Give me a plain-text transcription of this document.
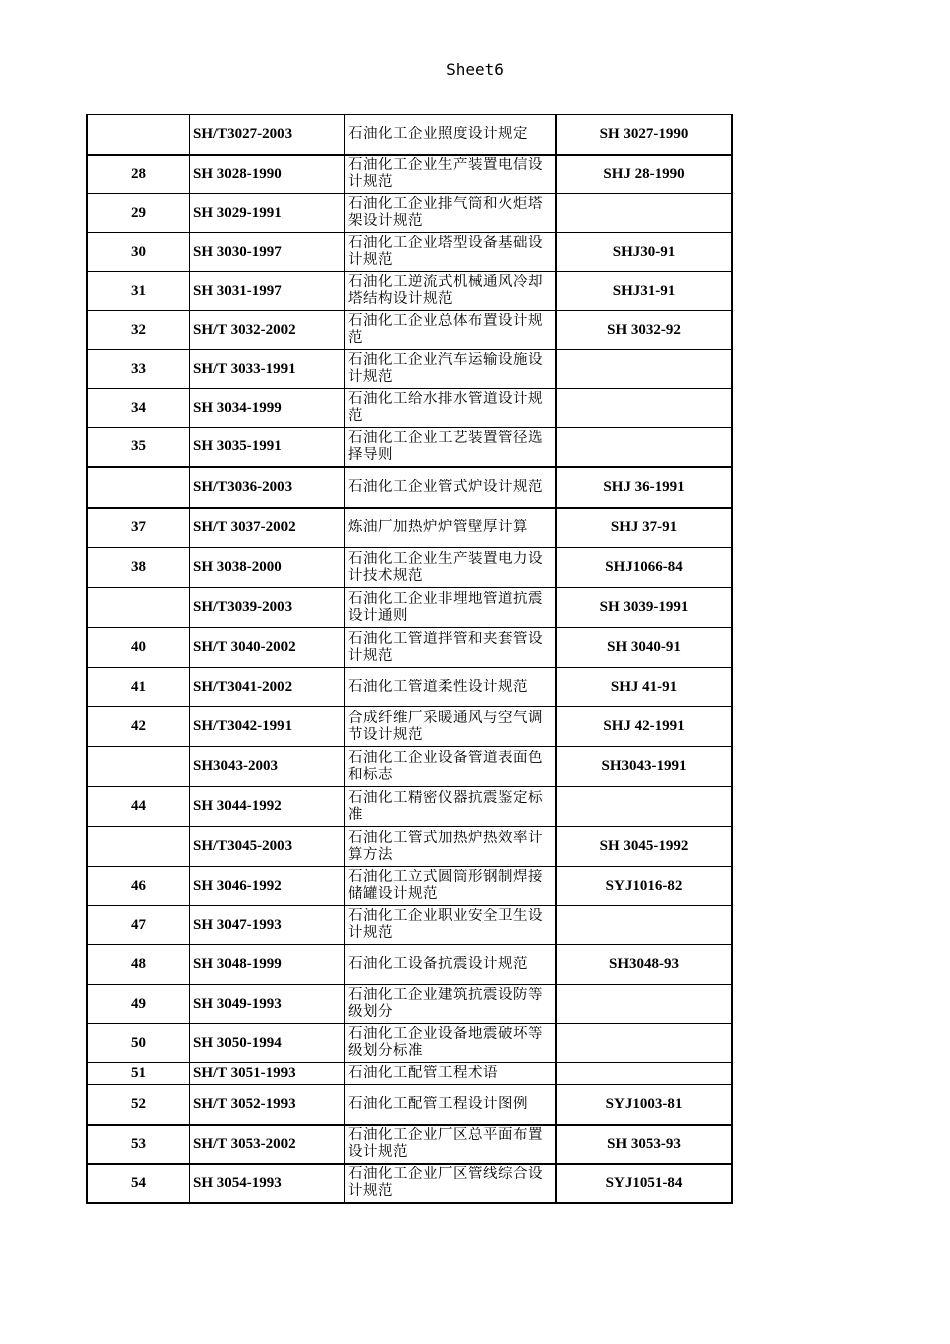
Sheet6
	SH/T3027-2003	石油化工企业照度设计规定	SH 3027-1990
28	SH 3028-1990	石油化工企业生产装置电信设计规范	SHJ 28-1990
29	SH 3029-1991	石油化工企业排气筒和火炬塔架设计规范	

30	SH 3030-1997	石油化工企业塔型设备基础设计规范	SHJ30-91
31	SH 3031-1997	石油化工逆流式机械通风冷却塔结构设计规范	SHJ31-91
32	SH/T 3032-2002	石油化工企业总体布置设计规范	SH 3032-92
33	SH/T 3033-1991	石油化工企业汽车运输设施设计规范	

34	SH 3034-1999	石油化工给水排水管道设计规范	

35	SH 3035-1991	石油化工企业工艺装置管径选择导则	

	SH/T3036-2003	石油化工企业管式炉设计规范	SHJ 36-1991
37	SH/T 3037-2002	炼油厂加热炉炉管壁厚计算	SHJ 37-91
38	SH 3038-2000	石油化工企业生产装置电力设计技术规范	SHJ1066-84
	SH/T3039-2003	石油化工企业非埋地管道抗震设计通则	SH 3039-1991
40	SH/T 3040-2002	石油化工管道拌管和夹套管设计规范	SH 3040-91
41	SH/T3041-2002	石油化工管道柔性设计规范	SHJ 41-91
42	SH/T3042-1991	合成纤维厂采暖通风与空气调节设计规范	SHJ 42-1991
	SH3043-2003	石油化工企业设备管道表面色和标志	SH3043-1991
44	SH 3044-1992	石油化工精密仪器抗震鉴定标准	

	SH/T3045-2003	石油化工管式加热炉热效率计算方法	SH 3045-1992
46	SH 3046-1992	石油化工立式圆筒形钢制焊接储罐设计规范	SYJ1016-82
47	SH 3047-1993	石油化工企业职业安全卫生设计规范	

48	SH 3048-1999	石油化工设备抗震设计规范	SH3048-93
49	SH 3049-1993	石油化工企业建筑抗震设防等级划分	

50	SH 3050-1994	石油化工企业设备地震破坏等级划分标准	

51	SH/T 3051-1993	石油化工配管工程术语	

52	SH/T 3052-1993	石油化工配管工程设计图例	SYJ1003-81
53	SH/T 3053-2002	石油化工企业厂区总平面布置设计规范	SH 3053-93
54	SH 3054-1993	石油化工企业厂区管线综合设计规范	SYJ1051-84
